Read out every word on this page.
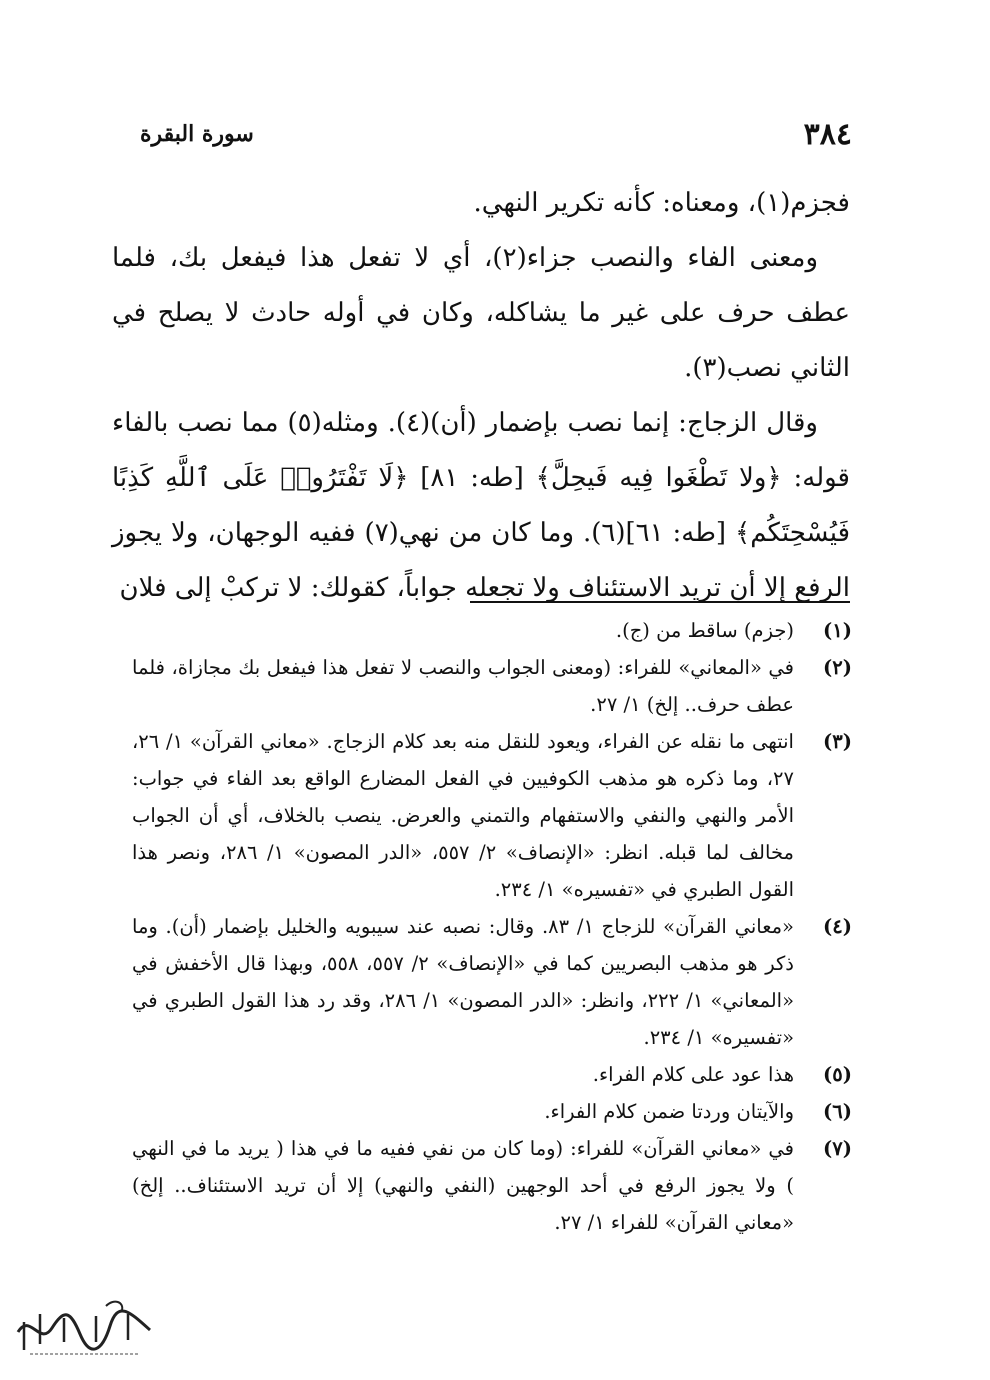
٣٨٤
سورة البقرة

فجزم(١)، ومعناه: كأنه تكرير النهي.

ومعنى الفاء والنصب جزاء(٢)، أي لا تفعل هذا فيفعل بك، فلما عطف حرف على غير ما يشاكله، وكان في أوله حادث لا يصلح في الثاني نصب(٣).

وقال الزجاج: إنما نصب بإضمار (أن)(٤). ومثله(٥) مما نصب بالفاء قوله: ﴿ولا تَطْغَوا فِيه فَيحِلَّ﴾ [طه: ٨١] ﴿لَا تَفْتَرُوا۟ عَلَى ٱللَّهِ كَذِبًا فَيُسْحِتَكُم﴾ [طه: ٦١](٦). وما كان من نهي(٧) ففيه الوجهان، ولا يجوز الرفع إلا أن تريد الاستئناف ولا تجعله جواباً، كقولك: لا تركبْ إلى فلان

(١)
(جزم) ساقط من (ج).
(٢)
في «المعاني» للفراء: (ومعنى الجواب والنصب لا تفعل هذا فيفعل بك مجازاة، فلما عطف حرف.. إلخ) ١/ ٢٧.
(٣)
انتهى ما نقله عن الفراء، ويعود للنقل منه بعد كلام الزجاج. «معاني القرآن» ١/ ٢٦، ٢٧، وما ذكره هو مذهب الكوفيين في الفعل المضارع الواقع بعد الفاء في جواب: الأمر والنهي والنفي والاستفهام والتمني والعرض. ينصب بالخلاف، أي أن الجواب مخالف لما قبله. انظر: «الإنصاف» ٢/ ٥٥٧، «الدر المصون» ١/ ٢٨٦، ونصر هذا القول الطبري في «تفسيره» ١/ ٢٣٤.
(٤)
«معاني القرآن» للزجاج ١/ ٨٣. وقال: نصبه عند سيبويه والخليل بإضمار (أن). وما ذكر هو مذهب البصريين كما في «الإنصاف» ٢/ ٥٥٧، ٥٥٨، وبهذا قال الأخفش في «المعاني» ١/ ٢٢٢، وانظر: «الدر المصون» ١/ ٢٨٦، وقد رد هذا القول الطبري في «تفسيره» ١/ ٢٣٤.
(٥)
هذا عود على كلام الفراء.
(٦)
والآيتان وردتا ضمن كلام الفراء.
(٧)
في «معاني القرآن» للفراء: (وما كان من نفي ففيه ما في هذا ( يريد ما في النهي ) ولا يجوز الرفع في أحد الوجهين (النفي والنهي) إلا أن تريد الاستئناف.. إلخ) «معاني القرآن» للفراء ١/ ٢٧.
